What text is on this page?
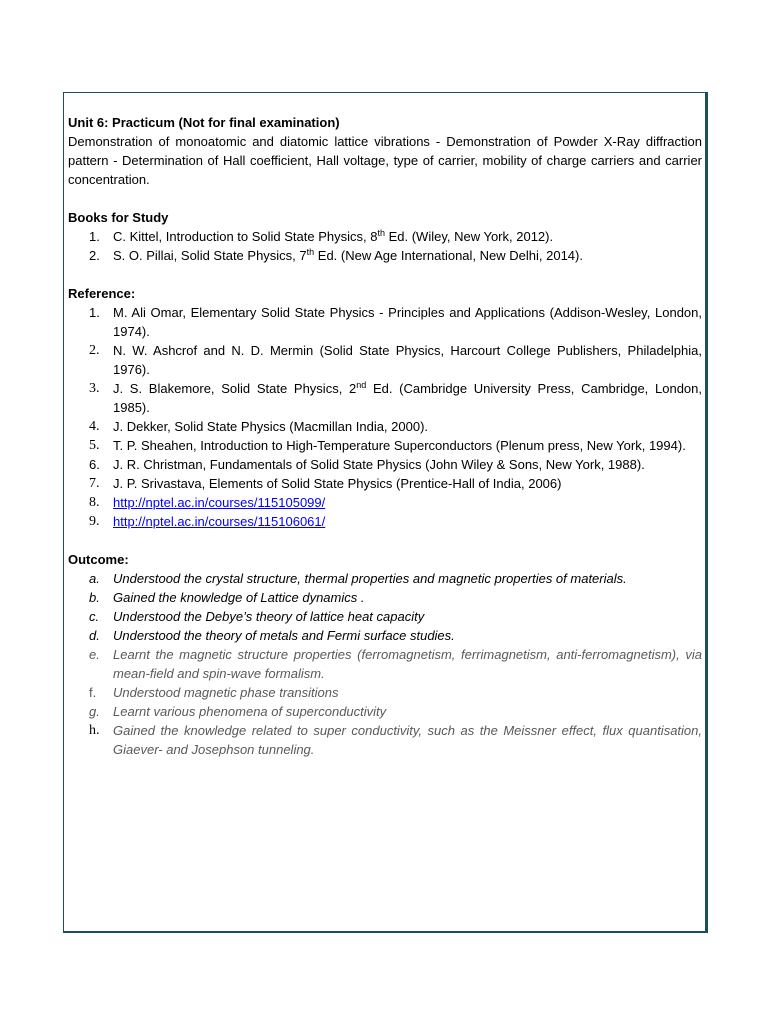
Unit 6: Practicum (Not for final examination)
Demonstration of monoatomic and diatomic lattice vibrations - Demonstration of Powder X-Ray diffraction pattern - Determination of Hall coefficient, Hall voltage, type of carrier, mobility of charge carriers and carrier concentration.
Books for Study
1. C. Kittel, Introduction to Solid State Physics, 8th Ed. (Wiley, New York, 2012).
2. S. O. Pillai, Solid State Physics, 7th Ed. (New Age International, New Delhi, 2014).
Reference:
1. M. Ali Omar, Elementary Solid State Physics - Principles and Applications (Addison-Wesley, London, 1974).
2. N. W. Ashcrof and N. D. Mermin (Solid State Physics, Harcourt College Publishers, Philadelphia, 1976).
3. J. S. Blakemore, Solid State Physics, 2nd Ed. (Cambridge University Press, Cambridge, London, 1985).
4. J. Dekker, Solid State Physics (Macmillan India, 2000).
5. T. P. Sheahen, Introduction to High-Temperature Superconductors (Plenum press, New York, 1994).
6. J. R. Christman, Fundamentals of Solid State Physics (John Wiley & Sons, New York, 1988).
7. J. P. Srivastava, Elements of Solid State Physics (Prentice-Hall of India, 2006)
8. http://nptel.ac.in/courses/115105099/
9. http://nptel.ac.in/courses/115106061/
Outcome:
a. Understood the crystal structure, thermal properties and magnetic properties of materials.
b. Gained the knowledge of Lattice dynamics .
c. Understood the Debye’s theory of lattice heat capacity
d. Understood the theory of metals and Fermi surface studies.
e. Learnt the magnetic structure properties (ferromagnetism, ferrimagnetism, anti-ferromagnetism), via mean-field and spin-wave formalism.
f. Understood magnetic phase transitions
g. Learnt various phenomena of superconductivity
h. Gained the knowledge related to super conductivity, such as the Meissner effect, flux quantisation, Giaever- and Josephson tunneling.
